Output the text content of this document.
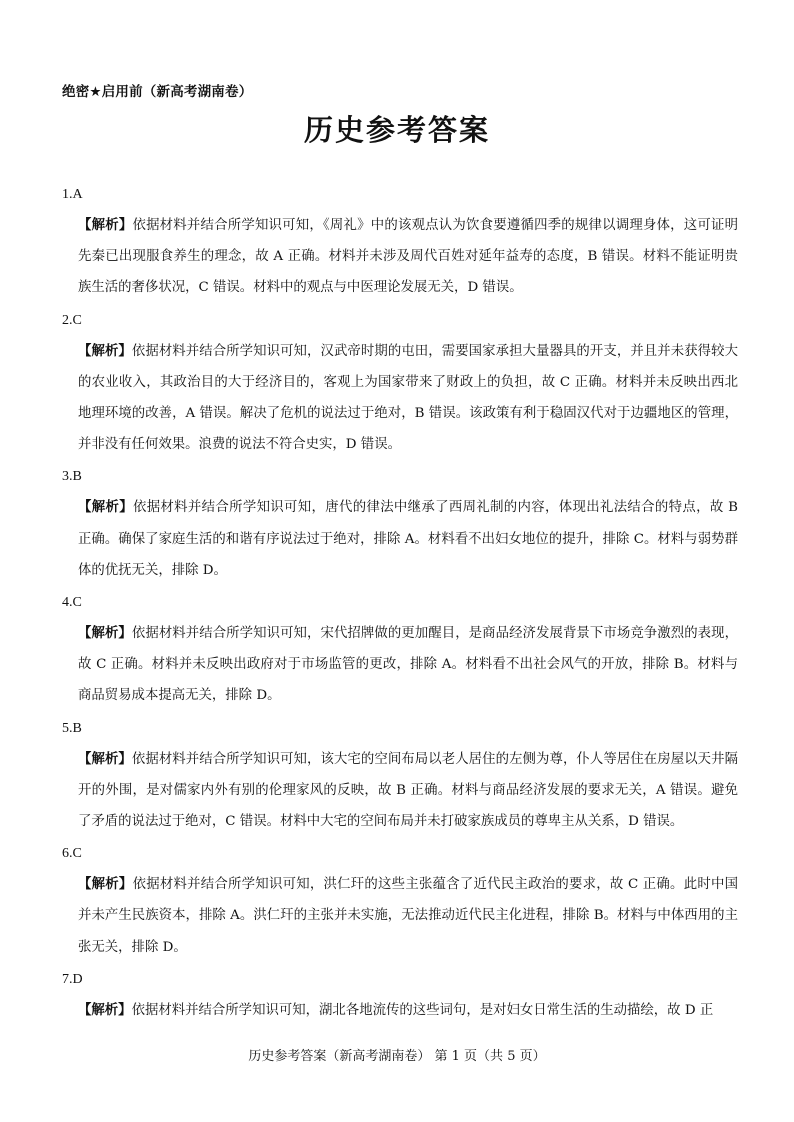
绝密★启用前（新高考湖南卷）
历史参考答案
1.A
【解析】依据材料并结合所学知识可知，《周礼》中的该观点认为饮食要遵循四季的规律以调理身体，这可证明先秦已出现服食养生的理念，故 A 正确。材料并未涉及周代百姓对延年益寿的态度，B 错误。材料不能证明贵族生活的奢侈状况，C 错误。材料中的观点与中医理论发展无关，D 错误。
2.C
【解析】依据材料并结合所学知识可知，汉武帝时期的屯田，需要国家承担大量器具的开支，并且并未获得较大的农业收入，其政治目的大于经济目的，客观上为国家带来了财政上的负担，故 C 正确。材料并未反映出西北地理环境的改善，A 错误。解决了危机的说法过于绝对，B 错误。该政策有利于稳固汉代对于边疆地区的管理，并非没有任何效果。浪费的说法不符合史实，D 错误。
3.B
【解析】依据材料并结合所学知识可知，唐代的律法中继承了西周礼制的内容，体现出礼法结合的特点，故 B 正确。确保了家庭生活的和谐有序说法过于绝对，排除 A。材料看不出妇女地位的提升，排除 C。材料与弱势群体的优抚无关，排除 D。
4.C
【解析】依据材料并结合所学知识可知，宋代招牌做的更加醒目，是商品经济发展背景下市场竞争激烈的表现，故 C 正确。材料并未反映出政府对于市场监管的更改，排除 A。材料看不出社会风气的开放，排除 B。材料与商品贸易成本提高无关，排除 D。
5.B
【解析】依据材料并结合所学知识可知，该大宅的空间布局以老人居住的左侧为尊，仆人等居住在房屋以天井隔开的外围，是对儒家内外有别的伦理家风的反映，故 B 正确。材料与商品经济发展的要求无关，A 错误。避免了矛盾的说法过于绝对，C 错误。材料中大宅的空间布局并未打破家族成员的尊卑主从关系，D 错误。
6.C
【解析】依据材料并结合所学知识可知，洪仁玕的这些主张蕴含了近代民主政治的要求，故 C 正确。此时中国并未产生民族资本，排除 A。洪仁玕的主张并未实施，无法推动近代民主化进程，排除 B。材料与中体西用的主张无关，排除 D。
7.D
【解析】依据材料并结合所学知识可知，湖北各地流传的这些词句，是对妇女日常生活的生动描绘，故 D 正
历史参考答案（新高考湖南卷） 第 1 页（共 5 页）
